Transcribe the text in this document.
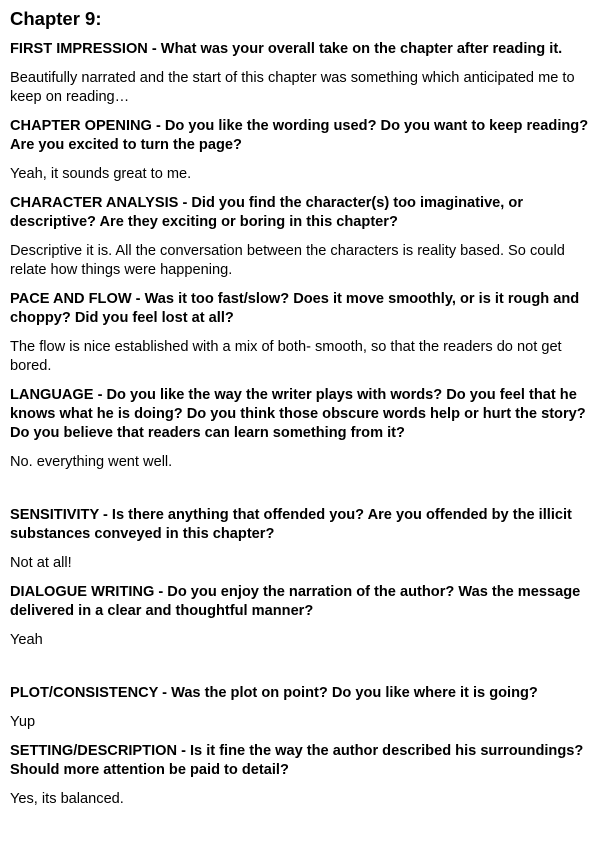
Chapter 9:

FIRST IMPRESSION - What was your overall take on the chapter after reading it.

Beautifully narrated and the start of this chapter was something which anticipated me to keep on reading…

CHAPTER OPENING - Do you like the wording used? Do you want to keep reading? Are you excited to turn the page?

Yeah, it sounds great to me.

CHARACTER ANALYSIS - Did you find the character(s) too imaginative, or descriptive? Are they exciting or boring in this chapter?

Descriptive it is. All the conversation between the characters is reality based. So could relate how things were happening.

PACE AND FLOW - Was it too fast/slow? Does it move smoothly, or is it rough and choppy? Did you feel lost at all?

The flow is nice established with a mix of both- smooth, so that the readers do not get bored.

LANGUAGE - Do you like the way the writer plays with words? Do you feel that he knows what he is doing? Do you think those obscure words help or hurt the story? Do you believe that readers can learn something from it?

No. everything went well.

SENSITIVITY - Is there anything that offended you? Are you offended by the illicit substances conveyed in this chapter?

Not at all!

DIALOGUE WRITING - Do you enjoy the narration of the author? Was the message delivered in a clear and thoughtful manner?

Yeah

PLOT/CONSISTENCY - Was the plot on point? Do you like where it is going?

Yup

SETTING/DESCRIPTION - Is it fine the way the author described his surroundings? Should more attention be paid to detail?

Yes, its balanced.
